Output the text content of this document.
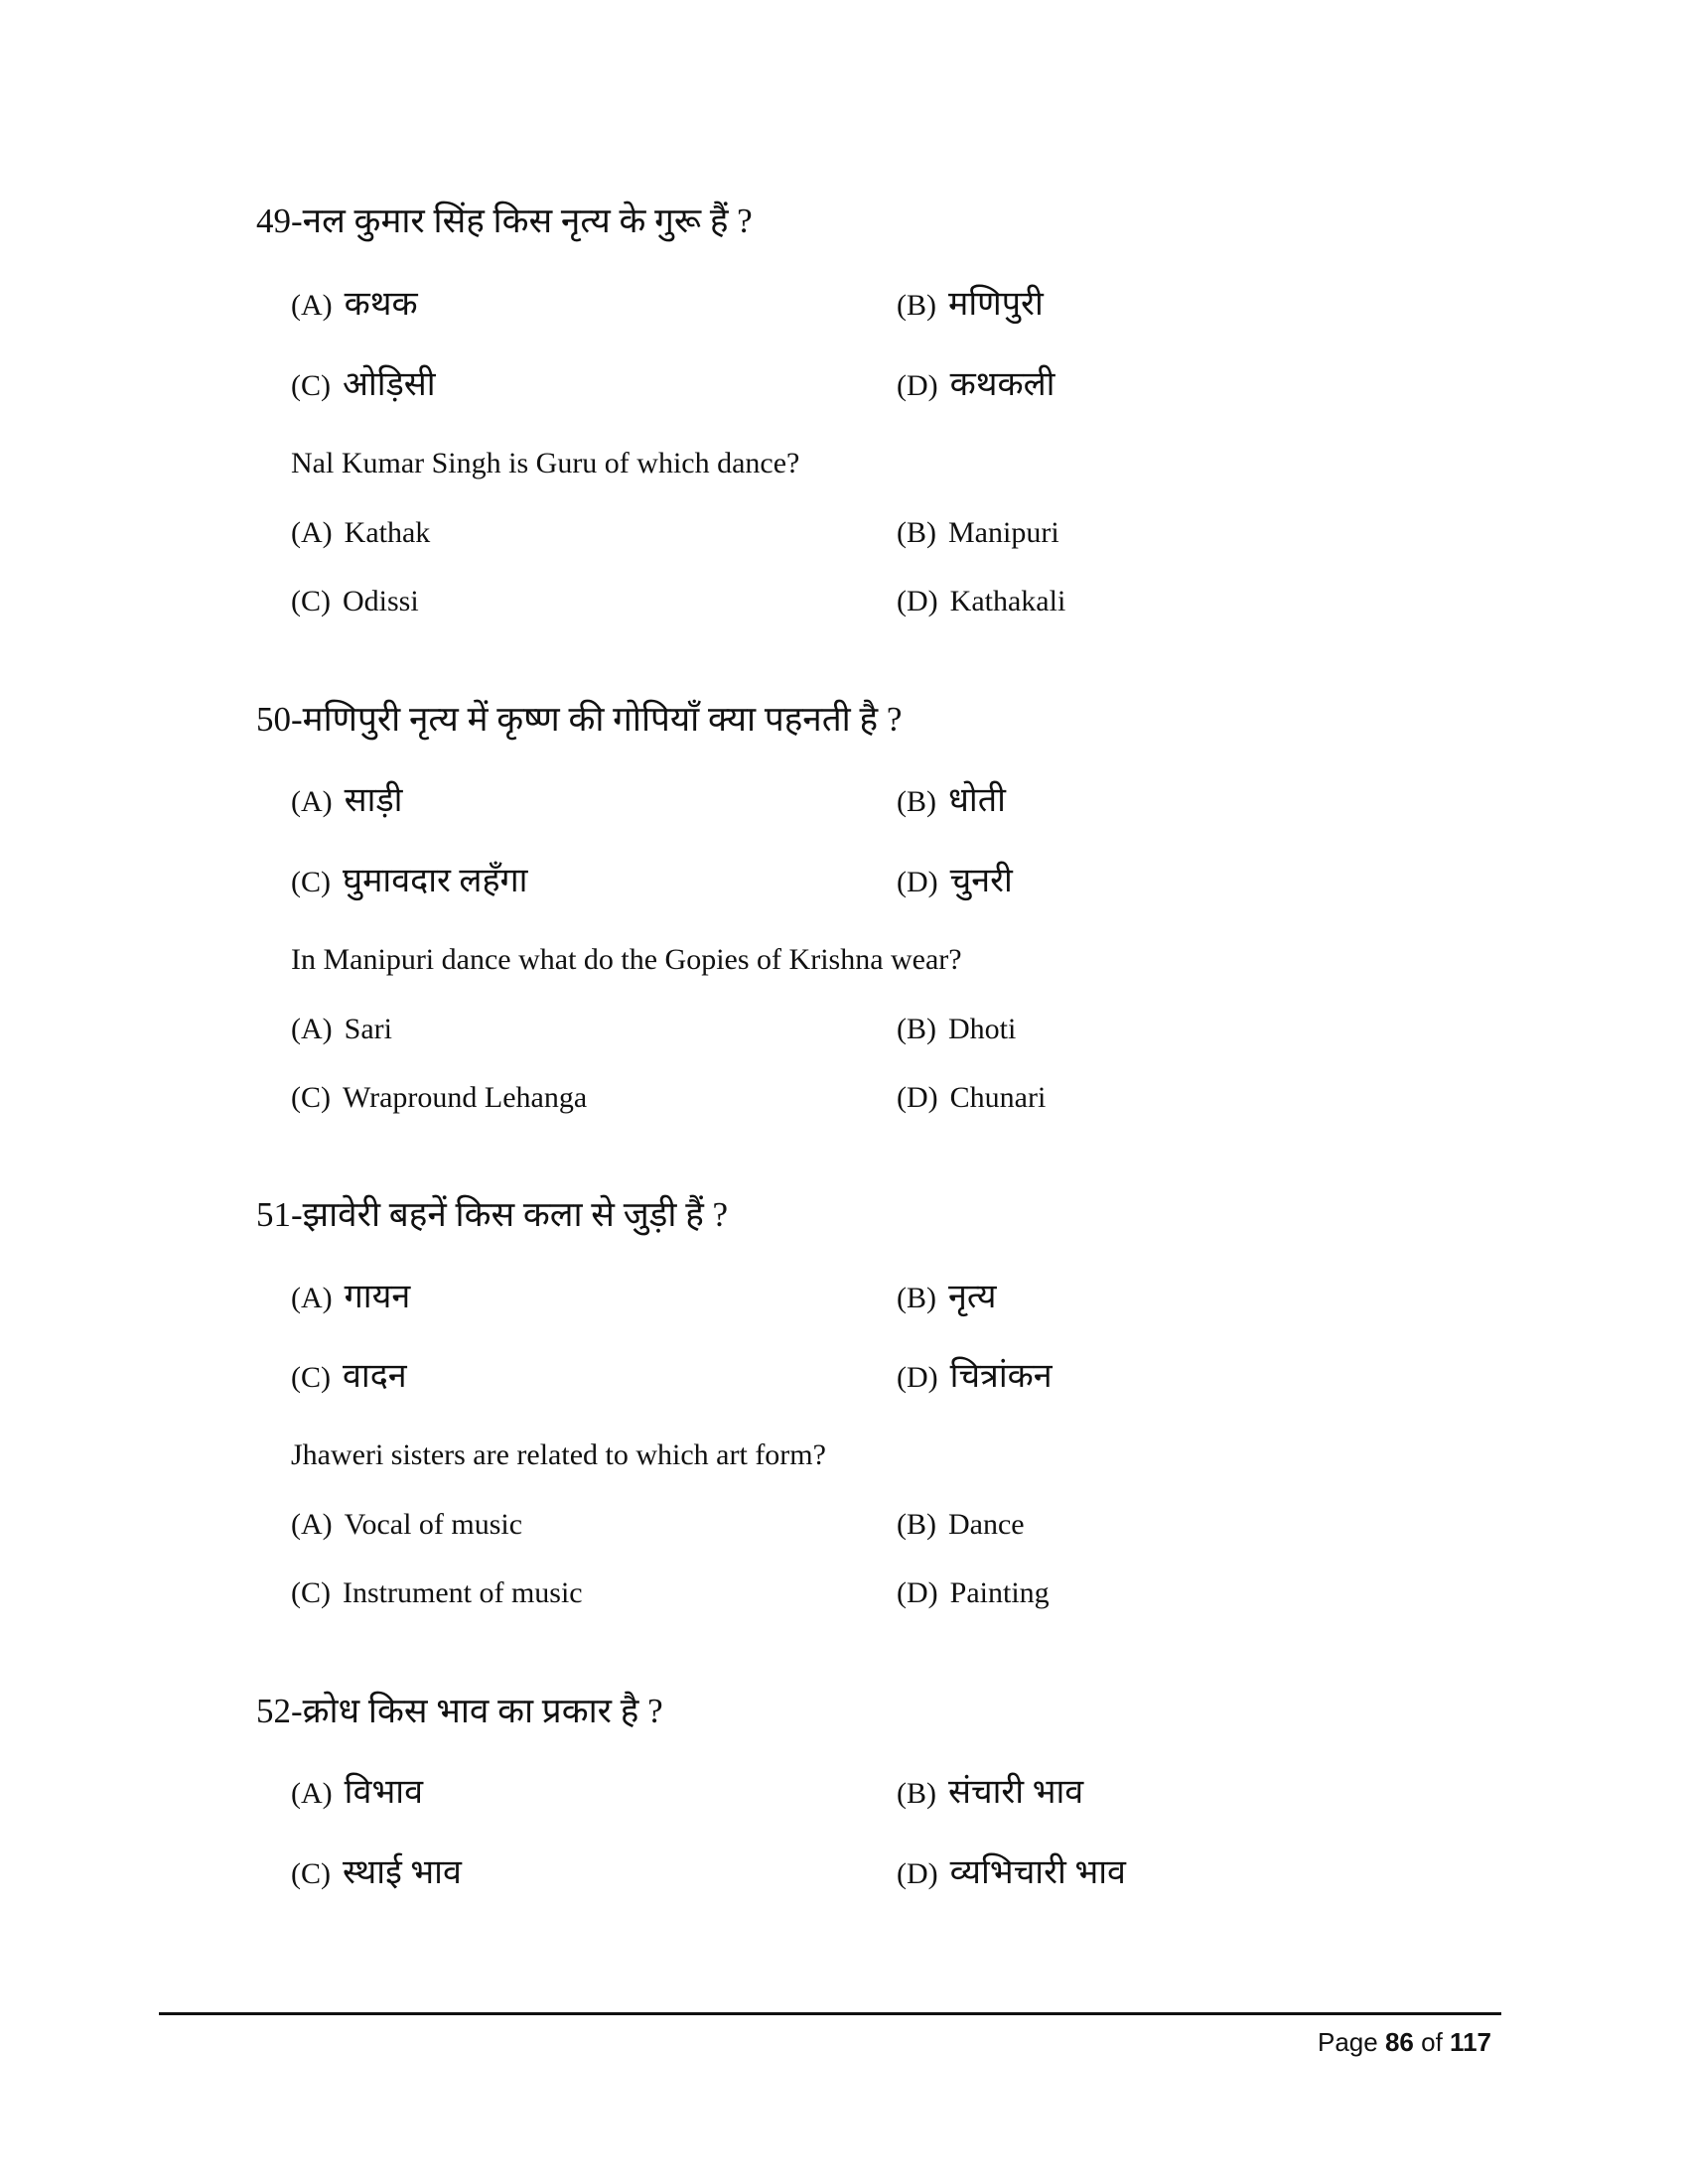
49-नल कुमार सिंह किस नृत्य के गुरू हैं ?
(A) कथक	(B) मणिपुरी
(C) ओड़िसी	(D) कथकली
Nal Kumar Singh is Guru of which dance?
(A) Kathak	(B) Manipuri
(C) Odissi	(D) Kathakali
50-मणिपुरी नृत्य में कृष्ण की गोपियाँ क्या पहनती है ?
(A) साड़ी	(B) धोती
(C) घुमावदार लहँगा	(D) चुनरी
In Manipuri dance what do the Gopies of Krishna wear?
(A) Sari	(B) Dhoti
(C) Wrapround Lehanga	(D) Chunari
51-झावेरी बहनें किस कला से जुड़ी हैं ?
(A) गायन	(B) नृत्य
(C) वादन	(D) चित्रांकन
Jhaweri sisters are related to which art form?
(A) Vocal of music	(B) Dance
(C) Instrument of music	(D) Painting
52-क्रोध किस भाव का प्रकार है ?
(A) विभाव	(B) संचारी भाव
(C) स्थाई भाव	(D) व्यभिचारी भाव
Page 86 of 117
